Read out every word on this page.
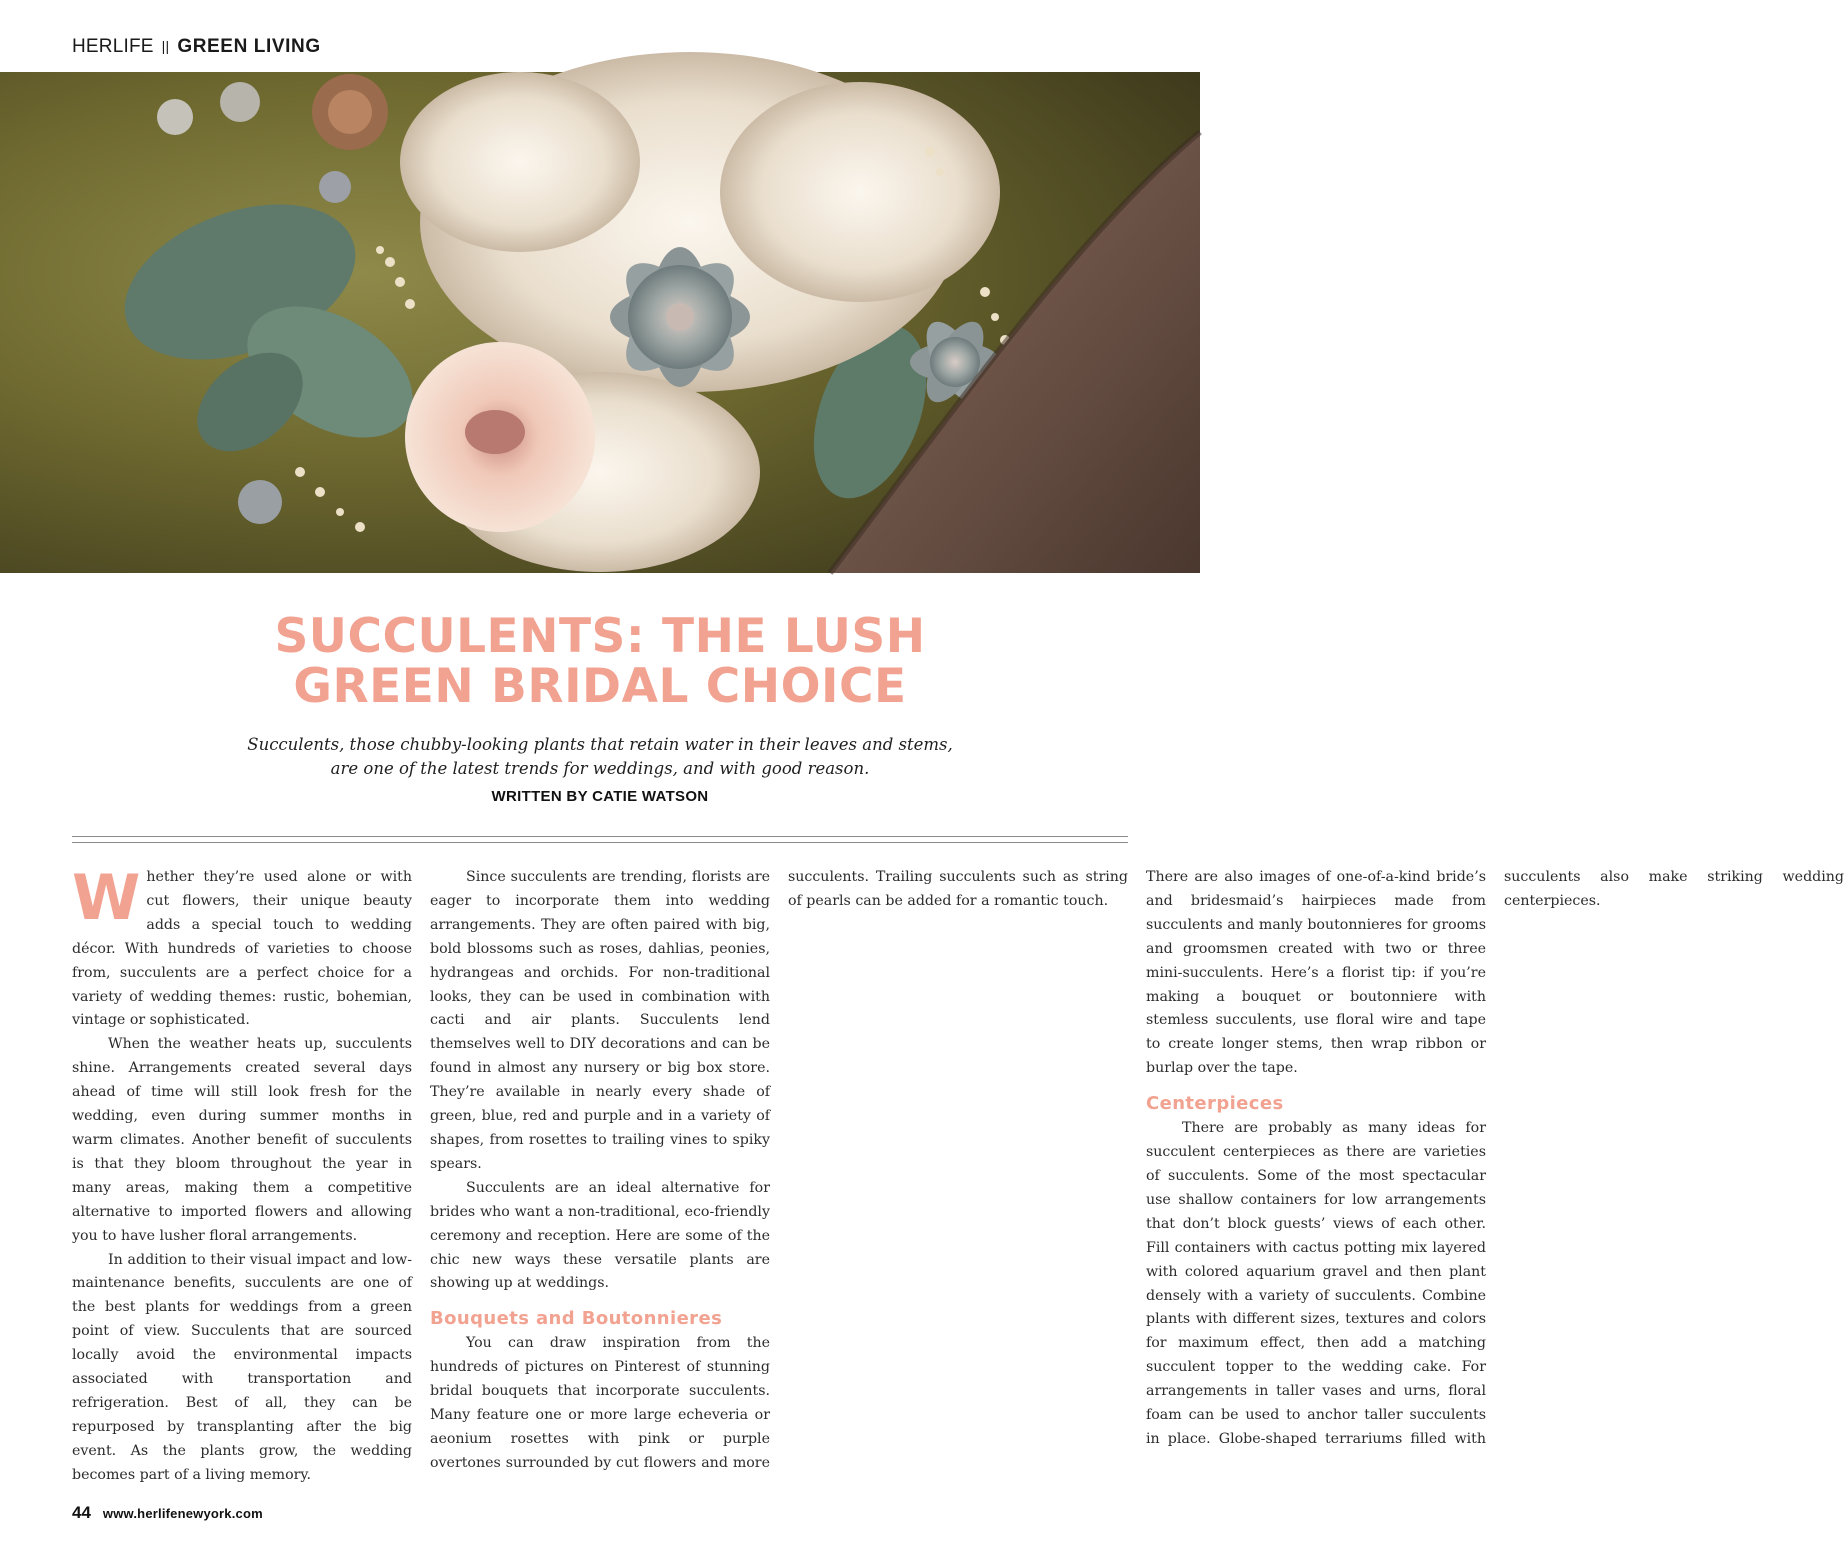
HERLIFE || GREEN LIVING
SUCCULENTS: THE LUSH
GREEN BRIDAL CHOICE
Succulents, those chubby-looking plants that retain water in their leaves and stems,
are one of the latest trends for weddings, and with good reason.
WRITTEN BY CATIE WATSON

Whether they’re used alone or with cut flowers, their unique beauty adds a special touch to wedding décor. With hundreds of varieties to choose from, succulents are a perfect choice for a variety of wedding themes: rustic, bohemian, vintage or sophisticated.

When the weather heats up, succulents shine. Arrangements created several days ahead of time will still look fresh for the wedding, even during summer months in warm climates. Another benefit of succulents is that they bloom throughout the year in many areas, making them a competitive alternative to imported flowers and allowing you to have lusher floral arrangements.

In addition to their visual impact and low-maintenance benefits, succulents are one of the best plants for weddings from a green point of view. Succulents that are sourced locally avoid the environmental impacts associated with transportation and refrigeration. Best of all, they can be repurposed by transplanting after the big event. As the plants grow, the wedding becomes part of a living memory.

Since succulents are trending, florists are eager to incorporate them into wedding arrangements. They are often paired with big, bold blossoms such as roses, dahlias, peonies, hydrangeas and orchids. For non-traditional looks, they can be used in combination with cacti and air plants. Succulents lend themselves well to DIY decorations and can be found in almost any nursery or big box store. They’re available in nearly every shade of green, blue, red and purple and in a variety of shapes, from rosettes to trailing vines to spiky spears.

Succulents are an ideal alternative for brides who want a non-traditional, eco-friendly ceremony and reception. Here are some of the chic new ways these versatile plants are showing up at weddings.

Bouquets and Boutonnieres

You can draw inspiration from the hundreds of pictures on Pinterest of stunning bridal bouquets that incorporate succulents. Many feature one or more large echeveria or aeonium rosettes with pink or purple overtones surrounded by cut flowers and more succulents. Trailing succulents such as string of pearls can be added for a romantic touch.

There are also images of one-of-a-kind bride’s and bridesmaid’s hairpieces made from succulents and manly boutonnieres for grooms and groomsmen created with two or three mini-succulents. Here’s a florist tip: if you’re making a bouquet or boutonniere with stemless succulents, use floral wire and tape to create longer stems, then wrap ribbon or burlap over the tape.

Centerpieces

There are probably as many ideas for succulent centerpieces as there are varieties of succulents. Some of the most spectacular use shallow containers for low arrangements that don’t block guests’ views of each other. Fill containers with cactus potting mix layered with colored aquarium gravel and then plant densely with a variety of succulents. Combine plants with different sizes, textures and colors for maximum effect, then add a matching succulent topper to the wedding cake. For arrangements in taller vases and urns, floral foam can be used to anchor taller succulents in place. Globe-shaped terrariums filled with succulents also make striking wedding centerpieces.

44 www.herlifenewyork.com
